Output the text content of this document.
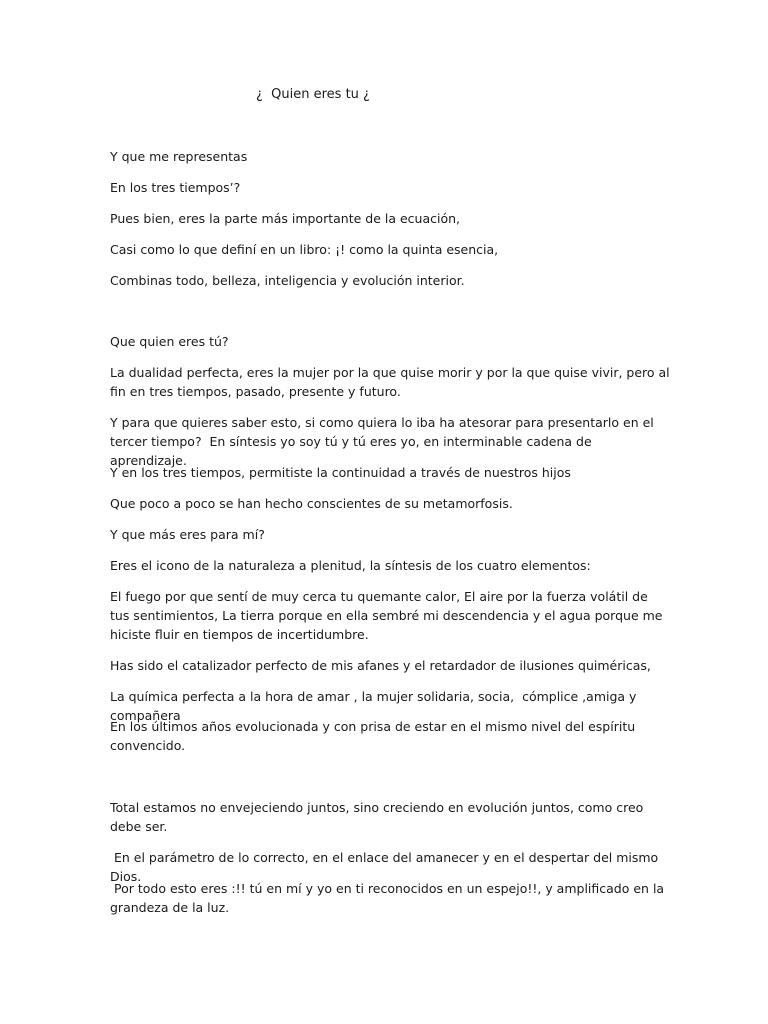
¿  Quien eres tu ¿

Y que me representas

En los tres tiempos’?

Pues bien, eres la parte más importante de la ecuación,

Casi como lo que definí en un libro: ¡! como la quinta esencia,

Combinas todo, belleza, inteligencia y evolución interior.

Que quien eres tú?

La dualidad perfecta, eres la mujer por la que quise morir y por la que quise vivir, pero al fin en tres tiempos, pasado, presente y futuro.

Y para que quieres saber esto, si como quiera lo iba ha atesorar para presentarlo en el tercer tiempo?  En síntesis yo soy tú y tú eres yo, en interminable cadena de aprendizaje.

Y en los tres tiempos, permitiste la continuidad a través de nuestros hijos

Que poco a poco se han hecho conscientes de su metamorfosis.

Y que más eres para mí?

Eres el icono de la naturaleza a plenitud, la síntesis de los cuatro elementos:

El fuego por que sentí de muy cerca tu quemante calor, El aire por la fuerza volátil de tus sentimientos, La tierra porque en ella sembré mi descendencia y el agua porque me hiciste fluir en tiempos de incertidumbre.

Has sido el catalizador perfecto de mis afanes y el retardador de ilusiones quiméricas,

La química perfecta a la hora de amar , la mujer solidaria, socia,  cómplice ,amiga y compañera

En los últimos años evolucionada y con prisa de estar en el mismo nivel del espíritu convencido.

Total estamos no envejeciendo juntos, sino creciendo en evolución juntos, como creo debe ser.

En el parámetro de lo correcto, en el enlace del amanecer y en el despertar del mismo Dios.

Por todo esto eres :!! tú en mí y yo en ti reconocidos en un espejo!!, y amplificado en la grandeza de la luz.
